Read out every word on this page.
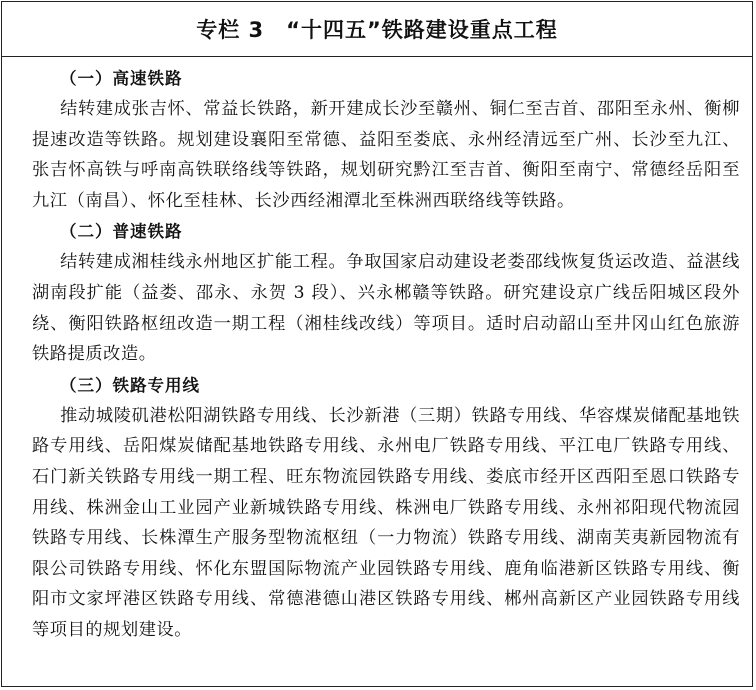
专栏 3　“十四五”铁路建设重点工程
（一）高速铁路

结转建成张吉怀、常益长铁路，新开建成长沙至赣州、铜仁至吉首、邵阳至永州、衡柳提速改造等铁路。规划建设襄阳至常德、益阳至娄底、永州经清远至广州、长沙至九江、张吉怀高铁与呼南高铁联络线等铁路，规划研究黔江至吉首、衡阳至南宁、常德经岳阳至九江（南昌）、怀化至桂林、长沙西经湘潭北至株洲西联络线等铁路。

（二）普速铁路

结转建成湘桂线永州地区扩能工程。争取国家启动建设老娄邵线恢复货运改造、益湛线湖南段扩能（益娄、邵永、永贺 3 段）、兴永郴赣等铁路。研究建设京广线岳阳城区段外绕、衡阳铁路枢纽改造一期工程（湘桂线改线）等项目。适时启动韶山至井冈山红色旅游铁路提质改造。

（三）铁路专用线

推动城陵矶港松阳湖铁路专用线、长沙新港（三期）铁路专用线、华容煤炭储配基地铁路专用线、岳阳煤炭储配基地铁路专用线、永州电厂铁路专用线、平江电厂铁路专用线、石门新关铁路专用线一期工程、旺东物流园铁路专用线、娄底市经开区西阳至恩口铁路专用线、株洲金山工业园产业新城铁路专用线、株洲电厂铁路专用线、永州祁阳现代物流园铁路专用线、长株潭生产服务型物流枢纽（一力物流）铁路专用线、湖南芙夷新园物流有限公司铁路专用线、怀化东盟国际物流产业园铁路专用线、鹿角临港新区铁路专用线、衡阳市文家坪港区铁路专用线、常德港德山港区铁路专用线、郴州高新区产业园铁路专用线等项目的规划建设。
